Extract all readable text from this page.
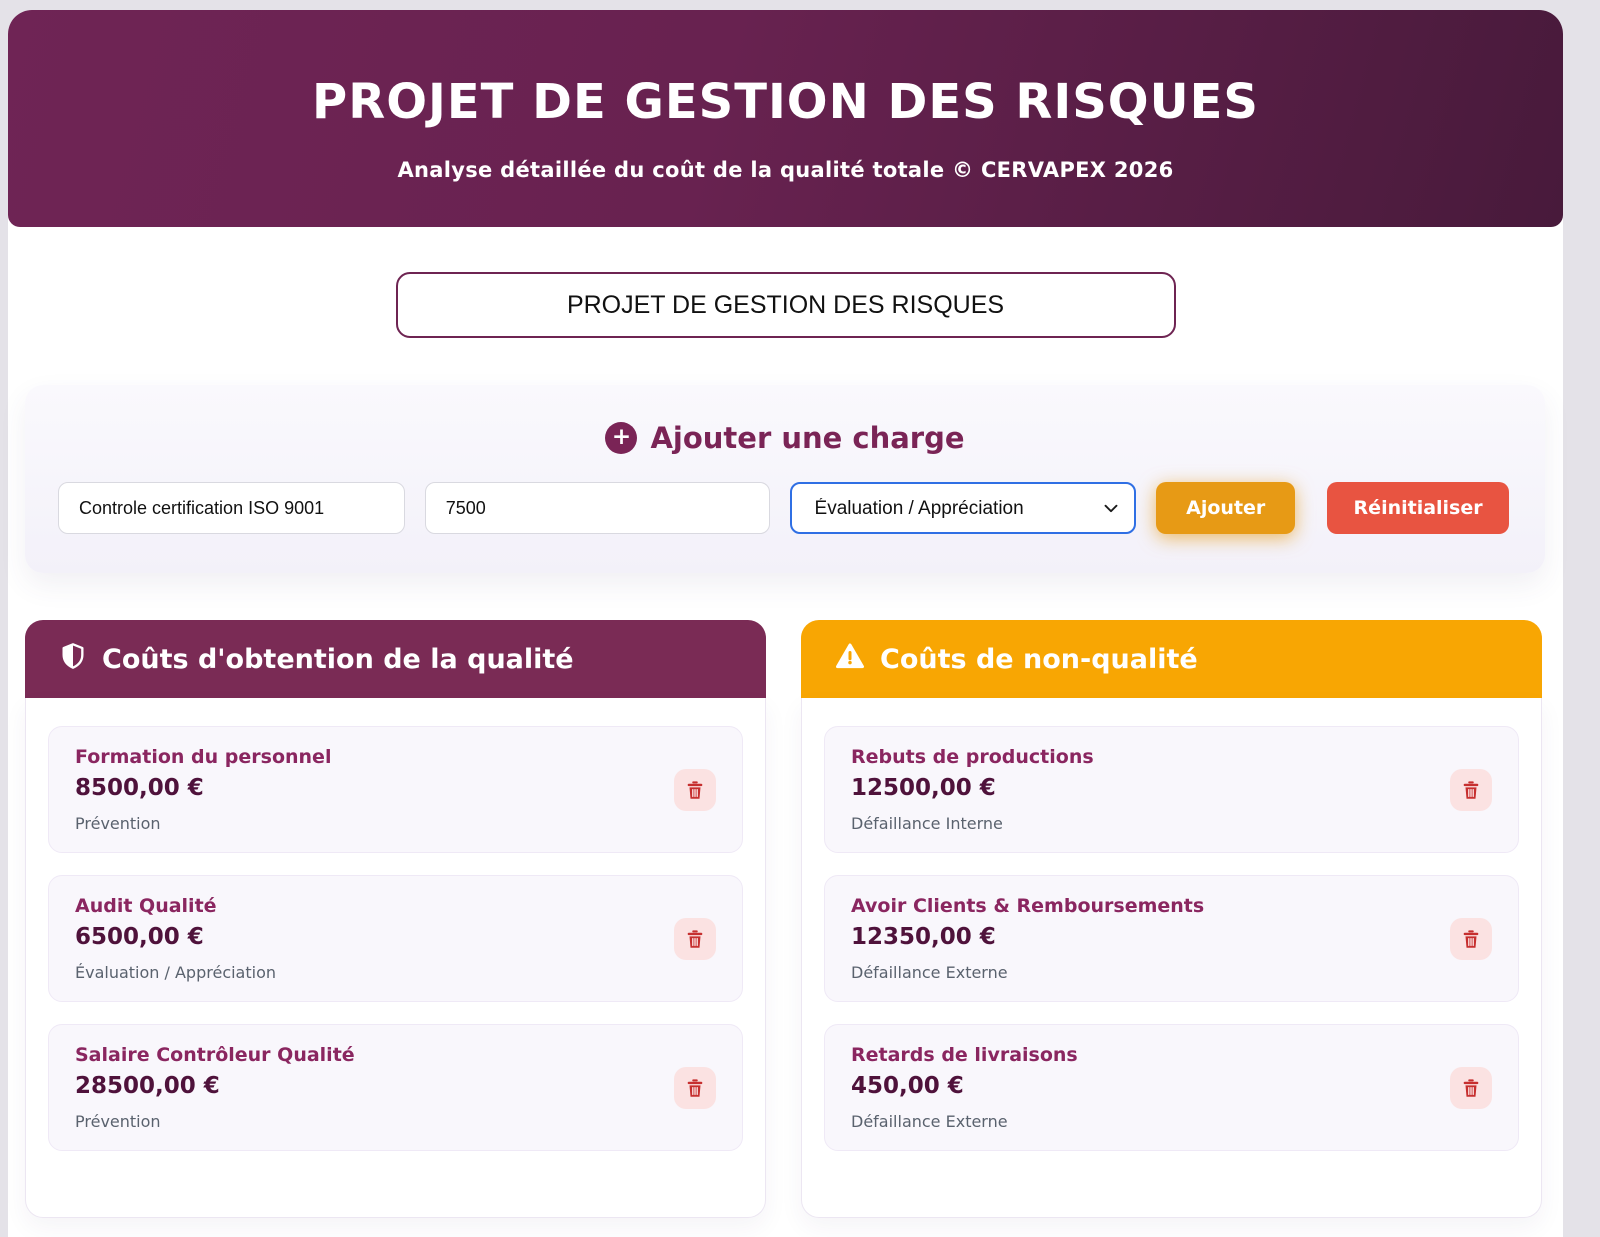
PROJET DE GESTION DES RISQUES

Analyse détaillée du coût de la qualité totale © CERVAPEX 2026

PROJET DE GESTION DES RISQUES
+ Ajouter une charge
Controle certification ISO 9001
7500
Évaluation / Appréciation
Ajouter	Réinitialiser
Coûts d'obtention de la qualité
Formation du personnel
8500,00 €
Prévention
Audit Qualité
6500,00 €
Évaluation / Appréciation
Salaire Contrôleur Qualité
28500,00 €
Prévention
Coûts de non-qualité
Rebuts de productions
12500,00 €
Défaillance Interne
Avoir Clients & Remboursements
12350,00 €
Défaillance Externe
Retards de livraisons
450,00 €
Défaillance Externe
